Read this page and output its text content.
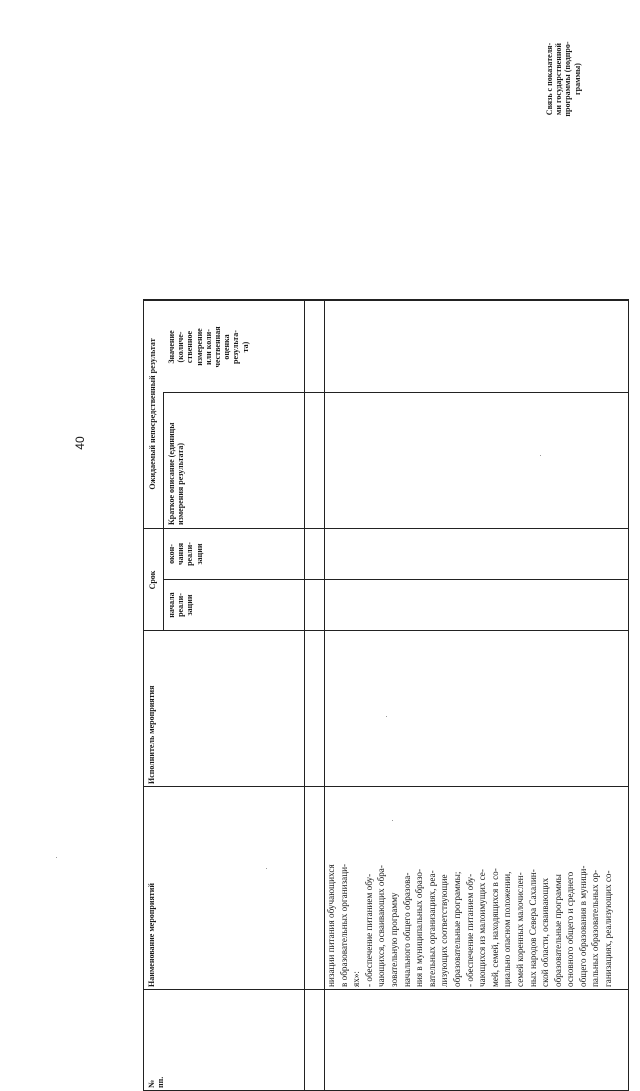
40
№
пп.
Наименование мероприятий
Исполнитель мероприятия
Срок
начала
реали-
зации
окон-
чания
реали-
зации
Ожидаемый непосредственный результат
Краткое описание (единицы
измерения результата)
Значение
(количе-
ственное
измерение
или коли-
чественная
оценка
результа-
та)
низации питания обучающихся
в образовательных организаци-
ях»:
- обеспечение питанием обу-
чающихся, осваивающих обра-
зовательную программу
начального общего образова-
ния в муниципальных образо-
вательных организациях, реа-
лизующих соответствующие
образовательные программы;
- обеспечение питанием обу-
чающихся из малоимущих се-
мей, семей, находящихся в со-
циально опасном положении,
семей коренных малочислен-
ных народов Севера Сахалин-
ской области, осваивающих
образовательные программы
основного общего и среднего
общего образования в муници-
пальных образовательных ор-
ганизациях, реализующих со-
Связь с показателя-
ми государственной
программы (подпро-
граммы)
